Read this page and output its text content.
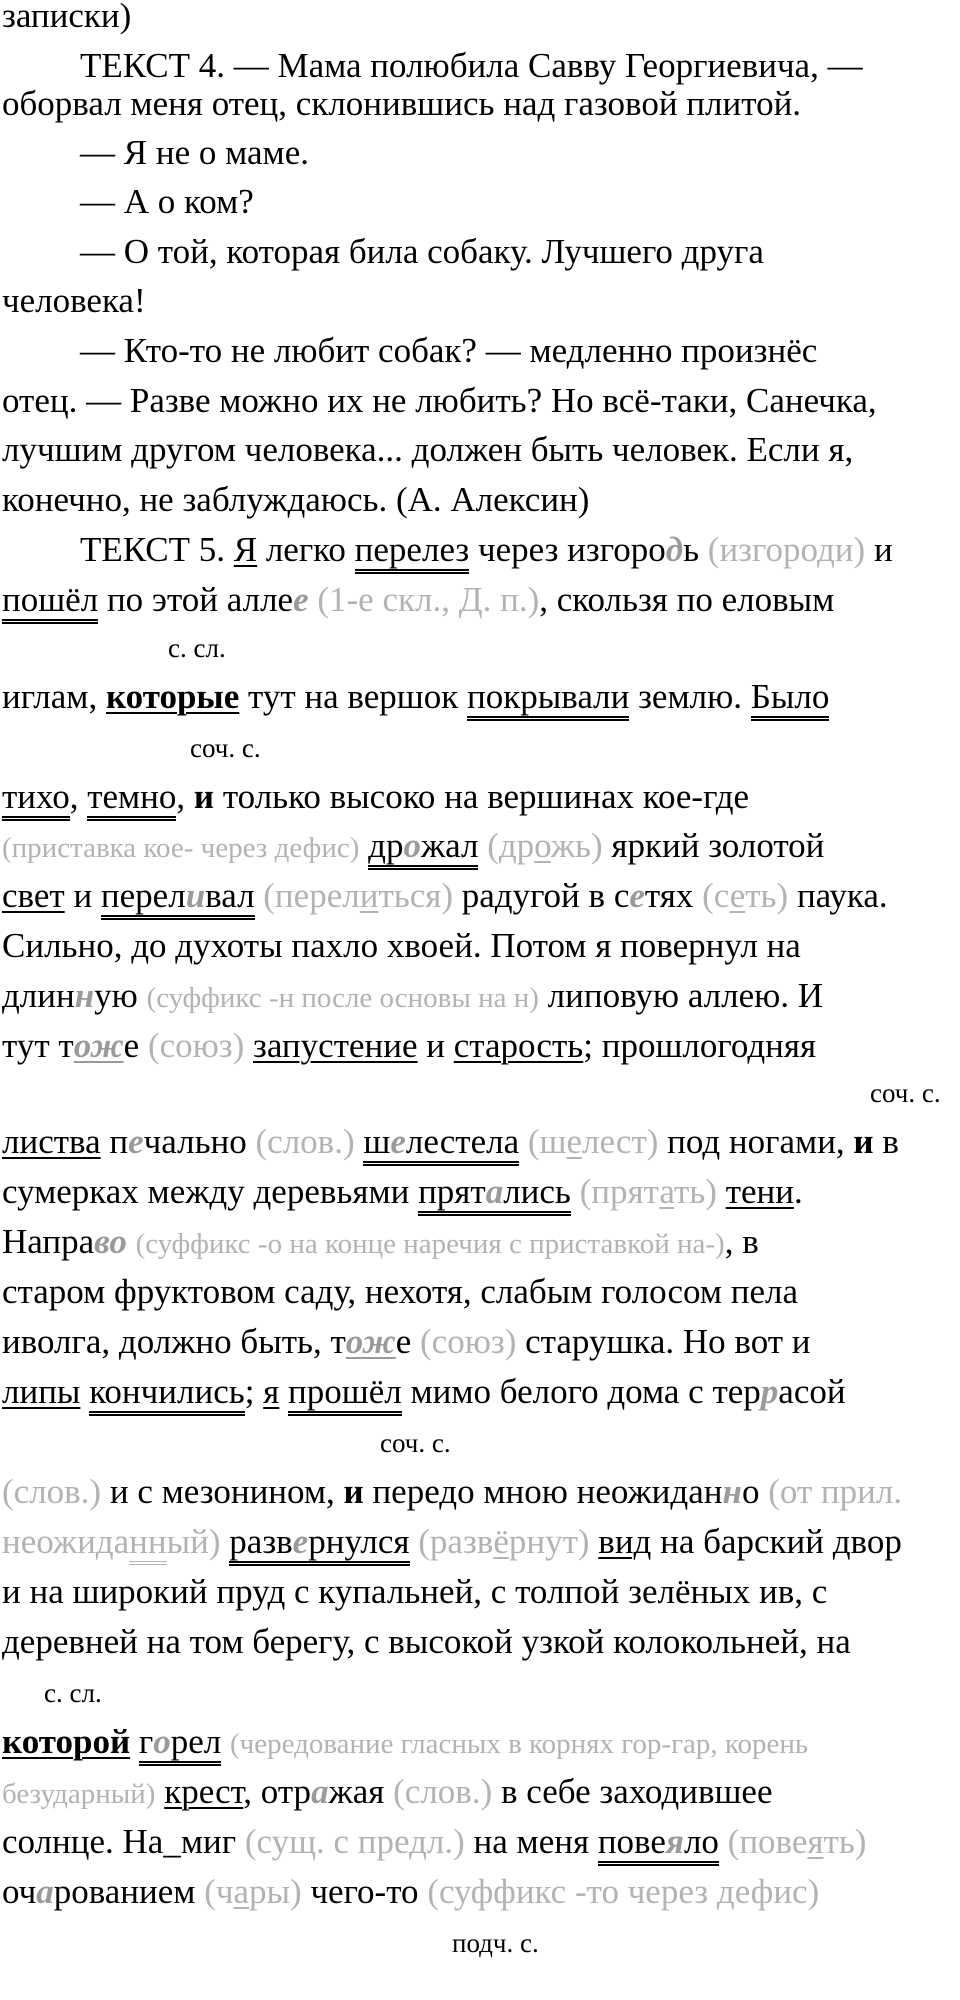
записки)
ТЕКСТ 4. — Мама полюбила Савву Георгиевича, —
оборвал меня отец, склонившись над газовой плитой.
— Я не о маме.
— А о ком?
— О той, которая била собаку. Лучшего друга
человека!
— Кто-то не любит собак? — медленно произнёс
отец. — Разве можно их не любить? Но всё-таки, Санечка,
лучшим другом человека... должен быть человек. Если я,
конечно, не заблуждаюсь. (А. Алексин)
ТЕКСТ 5. Я легко перелез через изгородь (изгороди) и
пошёл по этой аллее (1-е скл., Д. п.), скользя по еловым
с. сл.
иглам, которые тут на вершок покрывали землю. Было
соч. с.
тихо, темно, и только высоко на вершинах кое-где
(приставка кое- через дефис) дрожал (дрожь) яркий золотой
свет и переливал (перелиться) радугой в сетях (сеть) паука.
Сильно, до духоты пахло хвоей. Потом я повернул на
длинную (суффикс -н после основы на н) липовую аллею. И
тут тоже (союз) запустение и старость; прошлогодняя
соч. с.
листва печально (слов.) шелестела (шелест) под ногами, и в
сумерках между деревьями прятались (прятать) тени.
Направо (суффикс -о на конце наречия с приставкой на-), в
старом фруктовом саду, нехотя, слабым голосом пела
иволга, должно быть, тоже (союз) старушка. Но вот и
липы кончились; я прошёл мимо белого дома с террасой
соч. с.
(слов.) и с мезонином, и передо мною неожиданно (от прил.
неожиданный) развернулся (развёрнут) вид на барский двор
и на широкий пруд с купальней, с толпой зелёных ив, с
деревней на том берегу, с высокой узкой колокольней, на
с. сл.
которой горел (чередование гласных в корнях гор-гар, корень
безударный) крест, отражая (слов.) в себе заходившее
солнце. На_миг (сущ. с предл.) на меня повеяло (повеять)
очарованием (чары) чего-то (суффикс -то через дефис)
подч. с.
